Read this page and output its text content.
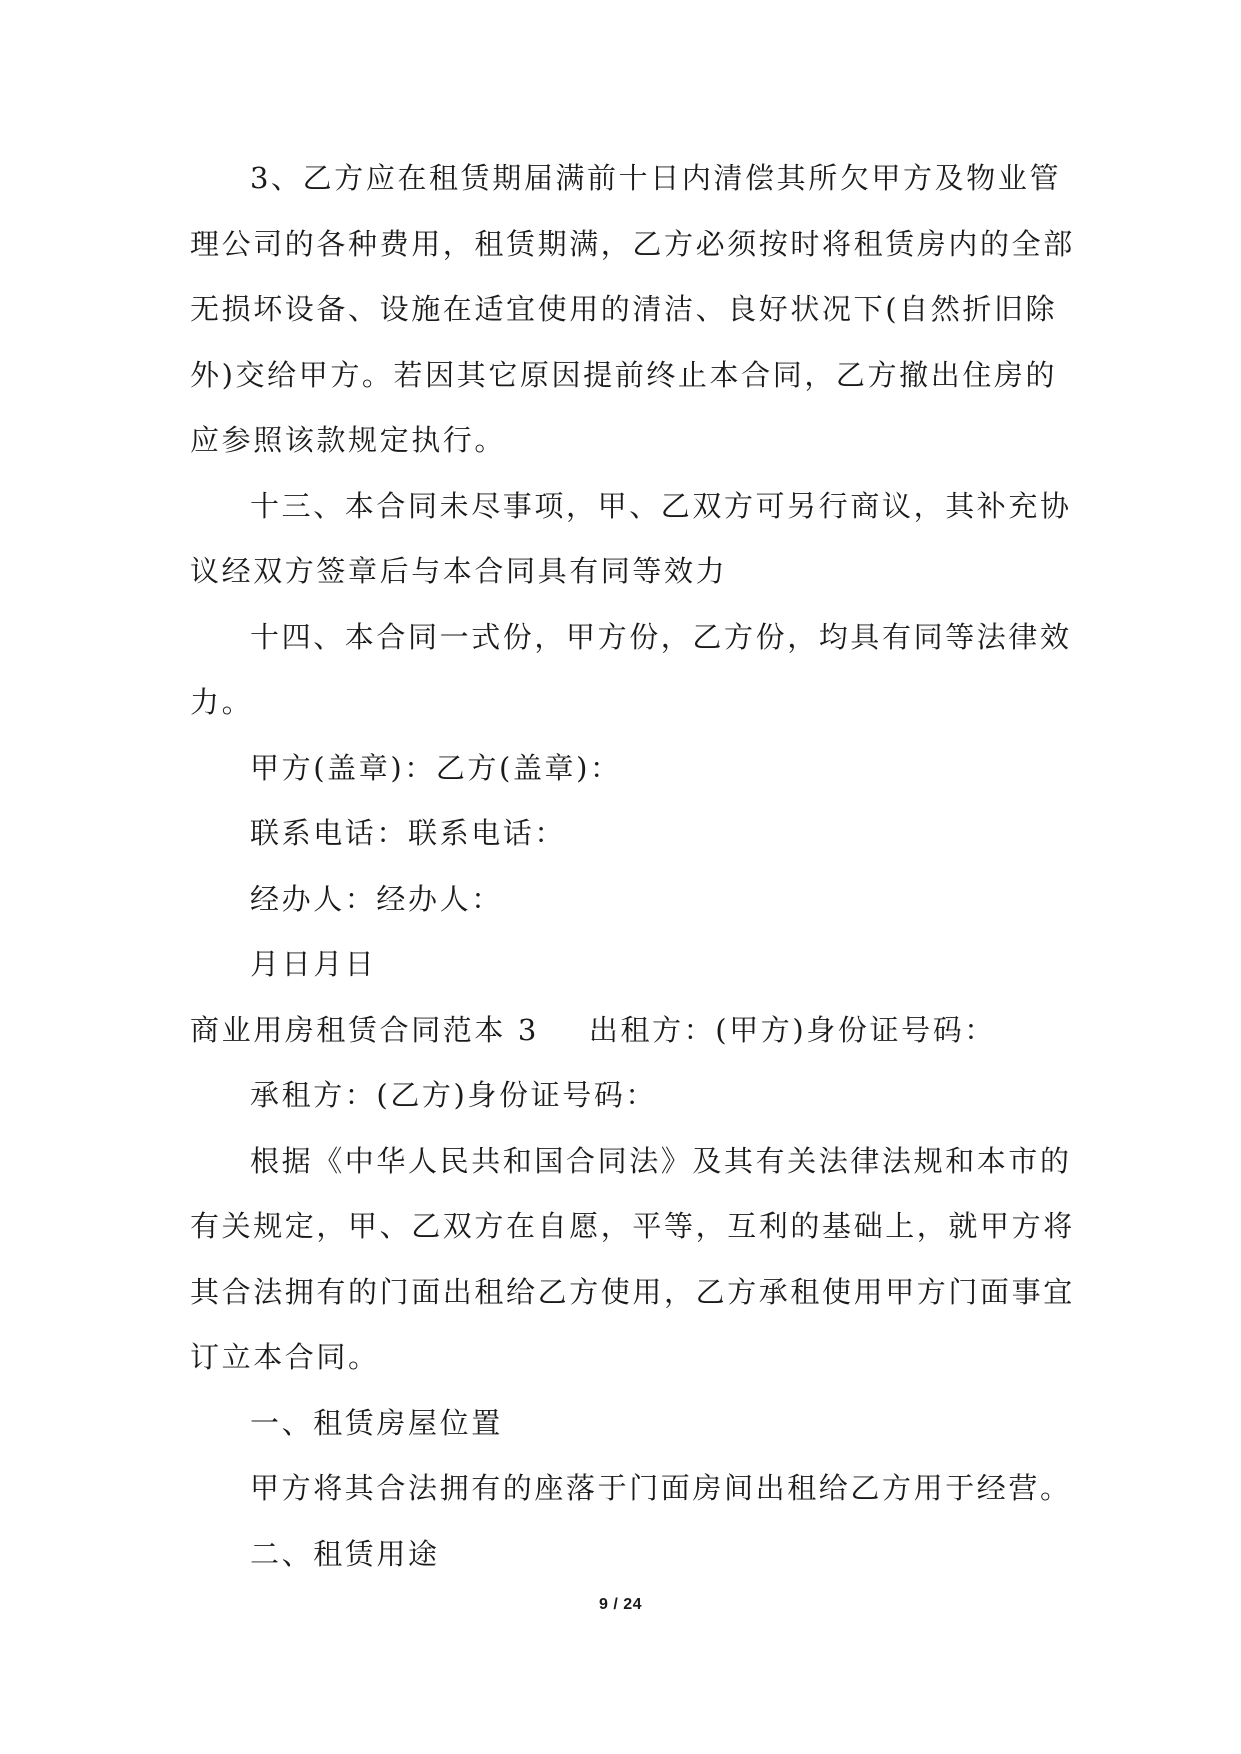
3、乙方应在租赁期届满前十日内清偿其所欠甲方及物业管
理公司的各种费用，租赁期满，乙方必须按时将租赁房内的全部
无损坏设备、设施在适宜使用的清洁、良好状况下(自然折旧除
外)交给甲方。若因其它原因提前终止本合同，乙方撤出住房的
应参照该款规定执行。
十三、本合同未尽事项，甲、乙双方可另行商议，其补充协
议经双方签章后与本合同具有同等效力
十四、本合同一式份，甲方份，乙方份，均具有同等法律效
力。
甲方(盖章)：乙方(盖章)：
联系电话：联系电话：
经办人：经办人：
月日月日
商业用房租赁合同范本 3 出租方：(甲方)身份证号码：
承租方：(乙方)身份证号码：
根据《中华人民共和国合同法》及其有关法律法规和本市的
有关规定，甲、乙双方在自愿，平等，互利的基础上，就甲方将
其合法拥有的门面出租给乙方使用，乙方承租使用甲方门面事宜
订立本合同。
一、租赁房屋位置
甲方将其合法拥有的座落于门面房间出租给乙方用于经营。
二、租赁用途
9 / 24
